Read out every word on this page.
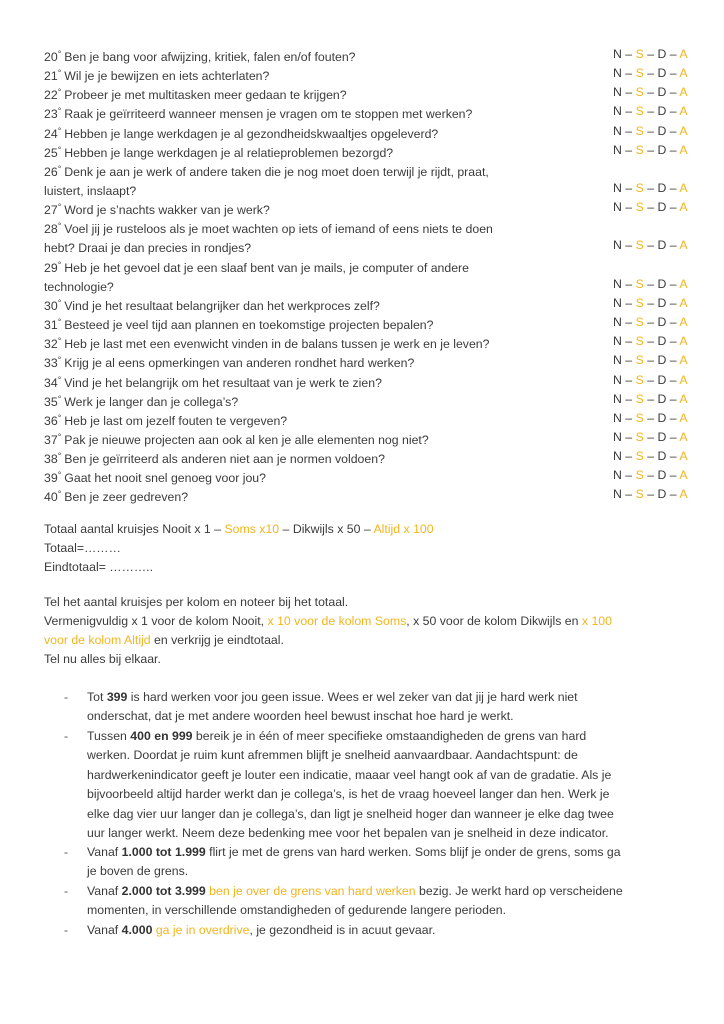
20° Ben je bang voor afwijzing, kritiek, falen en/of fouten?	N – S – D – A
21° Wil je je bewijzen en iets achterlaten?	N – S – D – A
22° Probeer je met multitasken meer gedaan te krijgen?	N – S – D – A
23° Raak je geïrriteerd wanneer mensen je vragen om te stoppen met werken?	N – S – D – A
24° Hebben je lange werkdagen je al gezondheidskwaaltjes opgeleverd?	N – S – D – A
25° Hebben je lange werkdagen je al relatieproblemen bezorgd?	N – S – D – A
26° Denk je aan je werk of andere taken die je nog moet doen terwijl je rijdt, praat,
luistert, inslaapt?	N – S – D – A
27° Word je s’nachts wakker van je werk?	N – S – D – A
28° Voel jij je rusteloos als je moet wachten op iets of iemand of eens niets te doen
hebt? Draai je dan precies in rondjes?	N – S – D – A
29° Heb je het gevoel dat je een slaaf bent van je mails, je computer of andere
technologie?	N – S – D – A
30° Vind je het resultaat belangrijker dan het werkproces zelf?	N – S – D – A
31° Besteed je veel tijd aan plannen en toekomstige projecten bepalen?	N – S – D – A
32° Heb je last met een evenwicht vinden in de balans tussen je werk en je leven?	N – S – D – A
33° Krijg je al eens opmerkingen van anderen rondhet hard werken?	N – S – D – A
34° Vind je het belangrijk om het resultaat van je werk te zien?	N – S – D – A
35° Werk je langer dan je collega’s?	N – S – D – A
36° Heb je last om jezelf fouten te vergeven?	N – S – D – A
37° Pak je nieuwe projecten aan ook al ken je alle elementen nog niet?	N – S – D – A
38° Ben je geïrriteerd als anderen niet aan je normen voldoen?	N – S – D – A
39° Gaat het nooit snel genoeg voor jou?	N – S – D – A
40° Ben je zeer gedreven?	N – S – D – A
Totaal aantal kruisjes Nooit x 1 – Soms x10 – Dikwijls x 50 – Altijd x 100
Totaal=………
Eindtotaal= ………..
Tel het aantal kruisjes per kolom en noteer bij het totaal.
Vermenigvuldig x 1 voor de kolom Nooit, x 10 voor de kolom Soms, x 50 voor de kolom Dikwijls en x 100
voor de kolom Altijd en verkrijg je eindtotaal.
Tel nu alles bij elkaar.
- Tot 399 is hard werken voor jou geen issue. Wees er wel zeker van dat jij je hard werk niet
onderschat, dat je met andere woorden heel bewust inschat hoe hard je werkt.
- Tussen 400 en 999 bereik je in één of meer specifieke omstaandigheden de grens van hard
werken. Doordat je ruim kunt afremmen blijft je snelheid aanvaardbaar. Aandachtspunt: de
hardwerkenindicator geeft je louter een indicatie, maaar veel hangt ook af van de gradatie. Als je
bijvoorbeeld altijd harder werkt dan je collega’s, is het de vraag hoeveel langer dan hen. Werk je
elke dag vier uur langer dan je collega’s, dan ligt je snelheid hoger dan wanneer je elke dag twee
uur langer werkt. Neem deze bedenking mee voor het bepalen van je snelheid in deze indicator.
- Vanaf 1.000 tot 1.999 flirt je met de grens van hard werken. Soms blijf je onder de grens, soms ga
je boven de grens.
- Vanaf 2.000 tot 3.999 ben je over de grens van hard werken bezig. Je werkt hard op verscheidene
momenten, in verschillende omstandigheden of gedurende langere perioden.
- Vanaf 4.000 ga je in overdrive, je gezondheid is in acuut gevaar.
